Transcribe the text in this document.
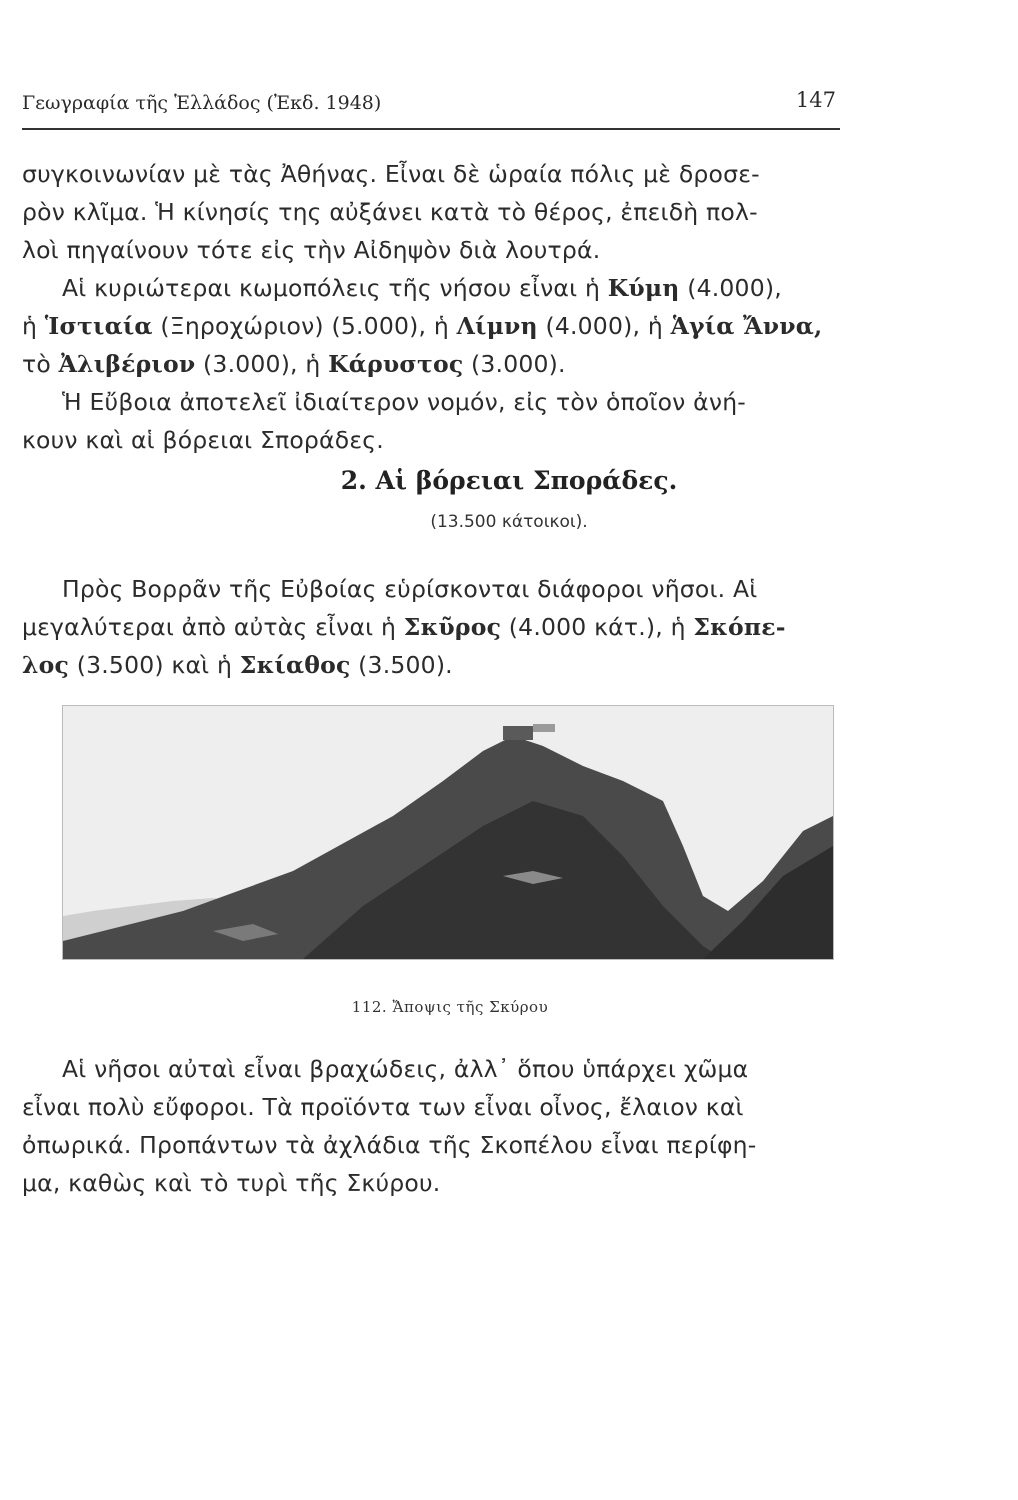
Γεωγραφία τῆς Ἑλλάδος (Ἐκδ. 1948)	147
συγκοινωνίαν μὲ τὰς Ἀθήνας. Εἶναι δὲ ὡραία πόλις μὲ δροσε-
ρὸν κλῖμα. Ἡ κίνησίς της αὐξάνει κατὰ τὸ θέρος, ἐπειδὴ πολ-
λοὶ πηγαίνουν τότε εἰς τὴν Αἰδηψὸν διὰ λουτρά.
Αἱ κυριώτεραι κωμοπόλεις τῆς νήσου εἶναι ἡ Κύμη (4.000),
ἡ Ἱστιαία (Ξηροχώριον) (5.000), ἡ Λίμνη (4.000), ἡ Ἁγία Ἄννα,
τὸ Ἀλιβέριον (3.000), ἡ Κάρυστος (3.000).
Ἡ Εὔβοια ἀποτελεῖ ἰδιαίτερον νομόν, εἰς τὸν ὁποῖον ἀνή-
κουν καὶ αἱ βόρειαι Σποράδες.
2. Αἱ βόρειαι Σποράδες.
(13.500 κάτοικοι).
Πρὸς Βορρᾶν τῆς Εὐβοίας εὑρίσκονται διάφοροι νῆσοι. Αἱ
μεγαλύτεραι ἀπὸ αὐτὰς εἶναι ἡ Σκῦρος (4.000 κάτ.), ἡ Σκόπε-
λος (3.500) καὶ ἡ Σκίαθος (3.500).
112. Ἄποψις τῆς Σκύρου
Αἱ νῆσοι αὐταὶ εἶναι βραχώδεις, ἀλλ᾿ ὅπου ὑπάρχει χῶμα
εἶναι πολὺ εὔφοροι. Τὰ προϊόντα των εἶναι οἶνος, ἔλαιον καὶ
ὀπωρικά. Προπάντων τὰ ἀχλάδια τῆς Σκοπέλου εἶναι περίφη-
μα, καθὼς καὶ τὸ τυρὶ τῆς Σκύρου.
